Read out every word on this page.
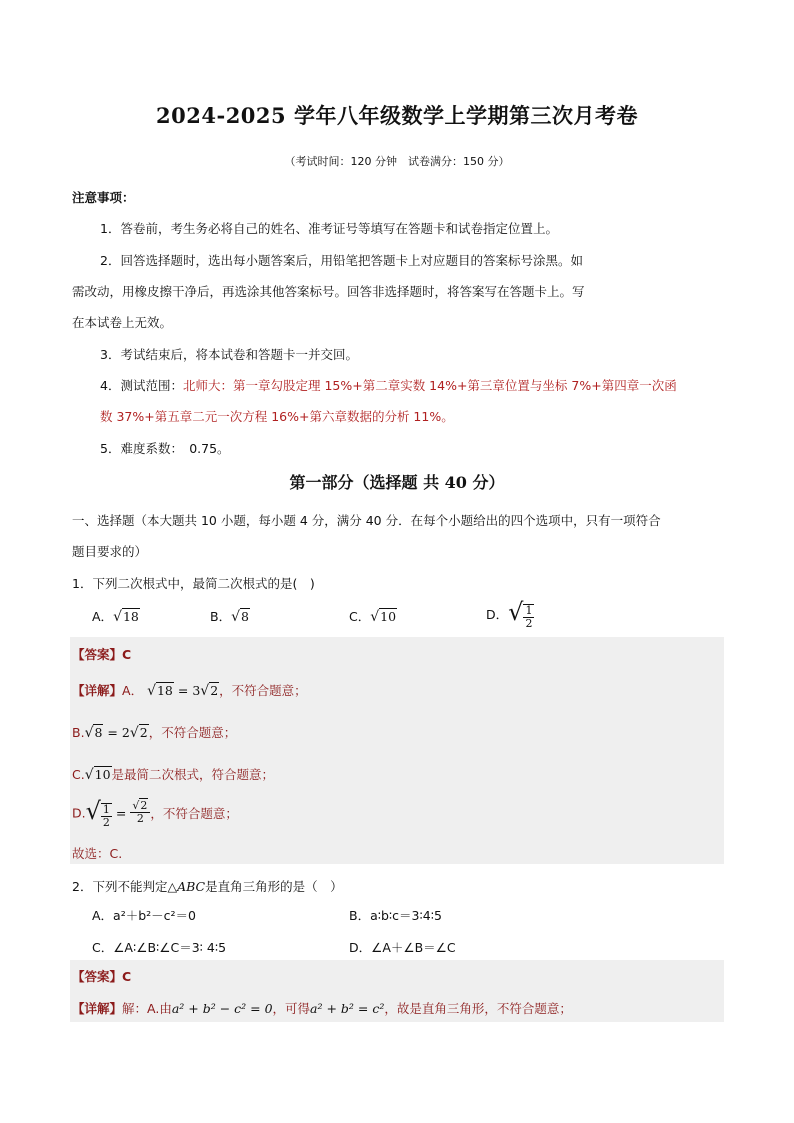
2024-2025 学年八年级数学上学期第三次月考卷
（考试时间：120 分钟　试卷满分：150 分）
注意事项：
1．答卷前，考生务必将自己的姓名、准考证号等填写在答题卡和试卷指定位置上。
2．回答选择题时，选出每小题答案后，用铅笔把答题卡上对应题目的答案标号涂黑。如
需改动，用橡皮擦干净后，再选涂其他答案标号。回答非选择题时，将答案写在答题卡上。写
在本试卷上无效。
3．考试结束后，将本试卷和答题卡一并交回。
4．测试范围：北师大：第一章勾股定理 15%+第二章实数 14%+第三章位置与坐标 7%+第四章一次函
数 37%+第五章二元一次方程 16%+第六章数据的分析 11%。
5．难度系数：　0.75。
第一部分（选择题 共 40 分）
一、选择题（本大题共 10 小题，每小题 4 分，满分 40 分．在每个小题给出的四个选项中，只有一项符合
题目要求的）
1．下列二次根式中，最简二次根式的是(　)
A．√18	B．√8	C．√10	D．√ $\frac{1}{2}$
【答案】C
【详解】A． √18 = 3√2，不符合题意；
B.√8 = 2√2，不符合题意；
C.√10是最简二次根式，符合题意；
$D.√ \frac{1}{2} = \frac{√2}{2}$ ，不符合题意；
故选：C.
2．下列不能判定△ABC是直角三角形的是（　）
A．a²＋b²－c²＝0	B．a∶b∶c＝3∶4∶5
C．∠A∶∠B∶∠C＝3∶ 4∶5	D．∠A＋∠B＝∠C
【答案】C
【详解】解：A.由a² + b² − c² = 0，可得a² + b² = c²，故是直角三角形，不符合题意；
